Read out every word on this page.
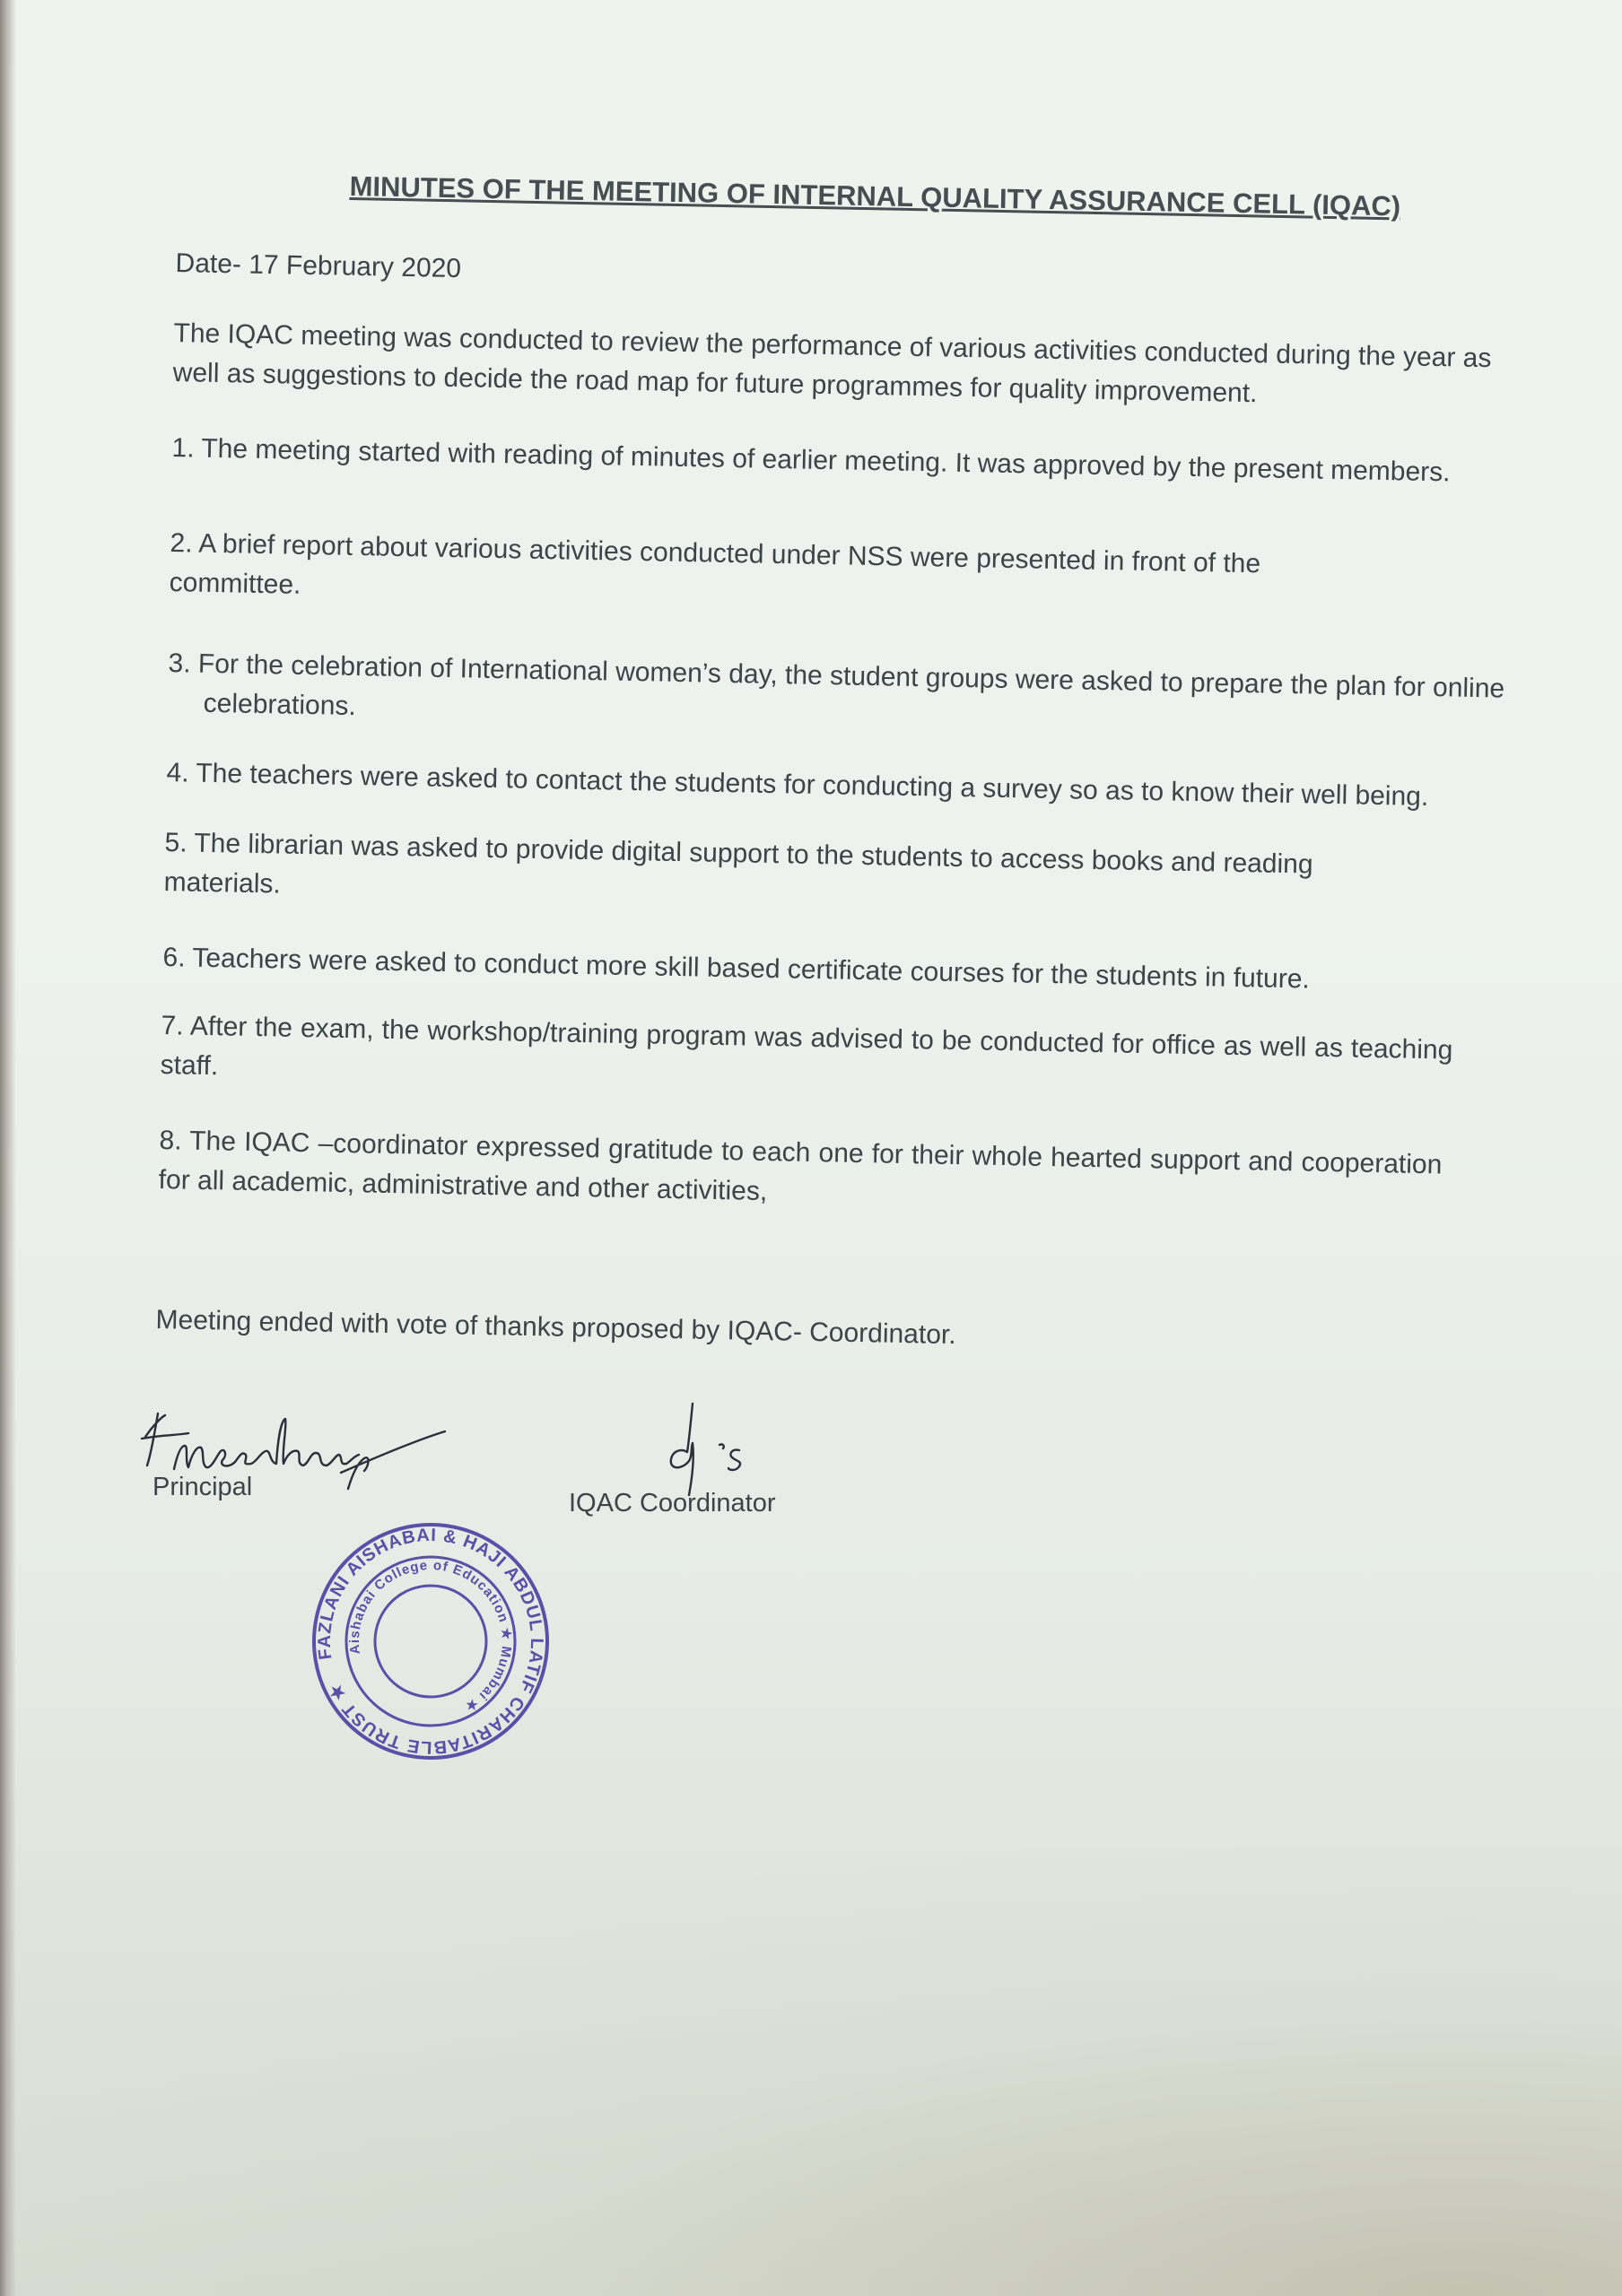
MINUTES OF THE MEETING OF INTERNAL QUALITY ASSURANCE CELL (IQAC)
Date- 17 February 2020
The IQAC meeting was conducted to review the performance of various activities conducted during the year as well as suggestions to decide the road map for future programmes for quality improvement.
1. The meeting started with reading of minutes of earlier meeting. It was approved by the present members.
2. A brief report about various activities conducted under NSS were presented in front of the committee.
3. For the celebration of International women’s day, the student groups were asked to prepare the plan for online celebrations.
4. The teachers were asked to contact the students for conducting a survey so as to know their well being.
5. The librarian was asked to provide digital support to the students to access books and reading materials.
6. Teachers were asked to conduct more skill based certificate courses for the students in future.
7. After the exam, the workshop/training program was advised to be conducted for office as well as teaching staff.
8. The IQAC –coordinator expressed gratitude to each one for their whole hearted support and cooperation for all academic, administrative and other activities,
Meeting ended with vote of thanks proposed by IQAC- Coordinator.
Principal
IQAC Coordinator
FAZLANI AISHABAI & HAJI ABDUL LATIF CHARITABLE TRUST ★
Aishabai College of Education ★ Mumbai ★
